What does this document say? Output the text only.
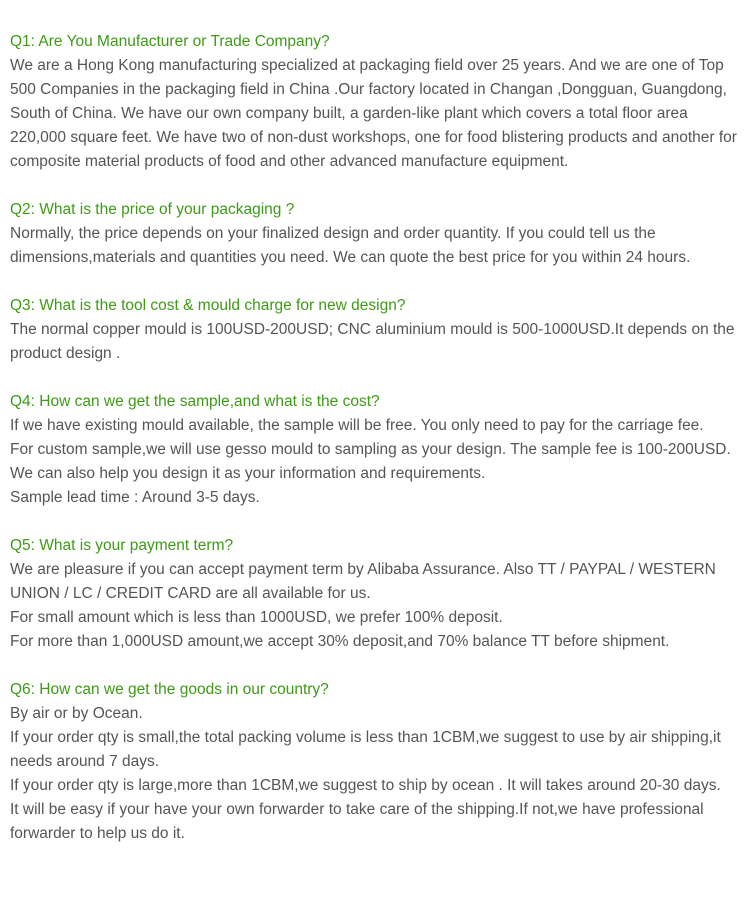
Q1: Are You Manufacturer or Trade Company?

We are a Hong Kong manufacturing specialized at packaging field over 25 years. And we are one of Top 500 Companies in the packaging field in China .Our factory located in Changan ,Dongguan, Guangdong, South of China. We have our own company built, a garden-like plant which covers a total floor area 220,000 square feet. We have two of non-dust workshops, one for food blistering products and another for composite material products of food and other advanced manufacture equipment.

Q2: What is the price of your packaging ?

Normally, the price depends on your finalized design and order quantity. If you could tell us the dimensions,materials and quantities you need. We can quote the best price for you within 24 hours.

Q3: What is the tool cost & mould charge for new design?

The normal copper mould is 100USD-200USD; CNC aluminium mould is 500-1000USD.It depends on the product design .

Q4: How can we get the sample,and what is the cost?

If we have existing mould available, the sample will be free. You only need to pay for the carriage fee.
For custom sample,we will use gesso mould to sampling as your design. The sample fee is 100-200USD. We can also help you design it as your information and requirements.
Sample lead time : Around 3-5 days.

Q5: What is your payment term?

We are pleasure if you can accept payment term by Alibaba Assurance. Also TT / PAYPAL / WESTERN UNION / LC / CREDIT CARD are all available for us.
For small amount which is less than 1000USD, we prefer 100% deposit.
For more than 1,000USD amount,we accept 30% deposit,and 70% balance TT before shipment.

Q6: How can we get the goods in our country?

By air or by Ocean.
If your order qty is small,the total packing volume is less than 1CBM,we suggest to use by air shipping,it needs around 7 days.
If your order qty is large,more than 1CBM,we suggest to ship by ocean . It will takes around 20-30 days.
It will be easy if your have your own forwarder to take care of the shipping.If not,we have professional forwarder to help us do it.
